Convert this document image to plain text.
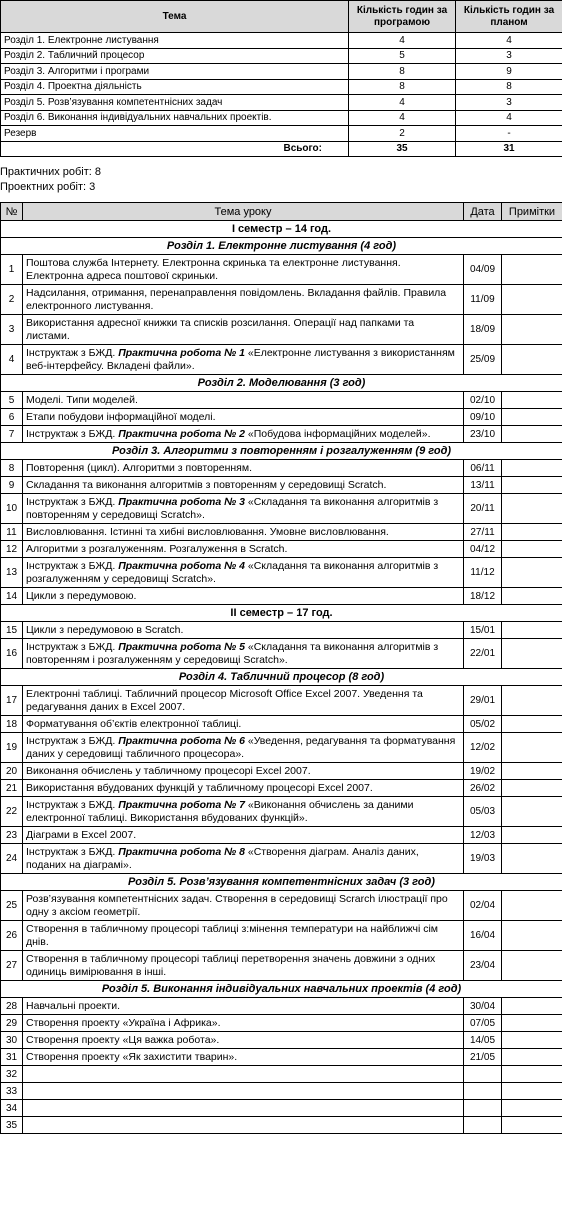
Тема	Кількість годин за програмою	Кількість годин за планом
Розділ 1. Електронне листування	4	4
Розділ 2. Табличний процесор	5	3
Розділ 3. Алгоритми і програми	8	9
Розділ 4. Проектна діяльність	8	8
Розділ 5. Розв’язування компетентнісних задач	4	3
Розділ 6. Виконання індивідуальних навчальних проектів.	4	4
Резерв	2	-
Всього:	35	31
Практичних робіт: 8
Проектних робіт: 3
№	Тема уроку	Дата	Примітки
І семестр – 14 год.			
Розділ 1. Електронне листування (4 год)			
1	Поштова служба Інтернету. Електронна скринька та електронне листування. Електронна адреса поштової скриньки.	04/09	
2	Надсилання, отримання, перенаправлення повідомлень. Вкладання файлів. Правила електронного листування.	11/09	
3	Використання адресної книжки та списків розсилання. Операції над папками та листами.	18/09	
4	Інструктаж з БЖД. Практична робота № 1 «Електронне листування з використанням веб-інтерфейсу. Вкладені файли».	25/09	
Розділ 2. Моделювання (3 год)			
5	Моделі. Типи моделей.	02/10	
6	Етапи побудови інформаційної моделі.	09/10	
7	Інструктаж з БЖД. Практична робота № 2 «Побудова інформаційних моделей».	23/10	
Розділ 3. Алгоритми з повторенням і розгалуженням (9 год)			
8	Повторення (цикл). Алгоритми з повторенням.	06/11	
9	Складання та виконання алгоритмів з повторенням у середовищі Scratch.	13/11	
10	Інструктаж з БЖД. Практична робота № 3 «Складання та виконання алгоритмів з повторенням у середовищі Scratch».	20/11	
11	Висловлювання. Істинні та хибні висловлювання. Умовне висловлювання.	27/11	
12	Алгоритми з розгалуженням. Розгалуження в Scratch.	04/12	
13	Інструктаж з БЖД. Практична робота № 4 «Складання та виконання алгоритмів з розгалуженням у середовищі Scratch».	11/12	
14	Цикли з передумовою.	18/12	
ІІ семестр – 17 год.			
15	Цикли з передумовою в Scratch.	15/01	
16	Інструктаж з БЖД. Практична робота № 5 «Складання та виконання алгоритмів з повторенням і розгалуженням у середовищі Scratch».	22/01	
Розділ 4. Табличний процесор (8 год)			
17	Електронні таблиці. Табличний процесор Microsoft Office Excel 2007. Уведення та редагування даних в Excel 2007.	29/01	
18	Форматування об’єктів електронної таблиці.	05/02	
19	Інструктаж з БЖД. Практична робота № 6 «Уведення, редагування та форматування даних у середовищі табличного процесора».	12/02	
20	Виконання обчислень у табличному процесорі Excel 2007.	19/02	
21	Використання вбудованих функцій у табличному процесорі Excel 2007.	26/02	
22	Інструктаж з БЖД. Практична робота № 7 «Виконання обчислень за даними електронної таблиці. Використання вбудованих функцій».	05/03	
23	Діаграми в Excel 2007.	12/03	
24	Інструктаж з БЖД. Практична робота № 8 «Створення діаграм. Аналіз даних, поданих на діаграмі».	19/03	
Розділ 5. Розв’язування компетентнісних задач (3 год)			
25	Розв’язування компетентнісних задач. Створення в середовищі Scrarch ілюстрації про одну з аксіом геометрії.	02/04	
26	Створення в табличному процесорі таблиці з:мінення температури на найближчі сім днів.	16/04	
27	Створення в табличному процесорі таблиці перетворення значень довжини з одних одиниць вимірювання в інші.	23/04	
Розділ 5. Виконання індивідуальних навчальних проектів (4 год)			
28	Навчальні проекти.	30/04	
29	Створення проекту «Україна і Африка».	07/05	
30	Створення проекту «Ця важка робота».	14/05	
31	Створення проекту «Як захистити тварин».	21/05	
32			
33			
34			
35			
